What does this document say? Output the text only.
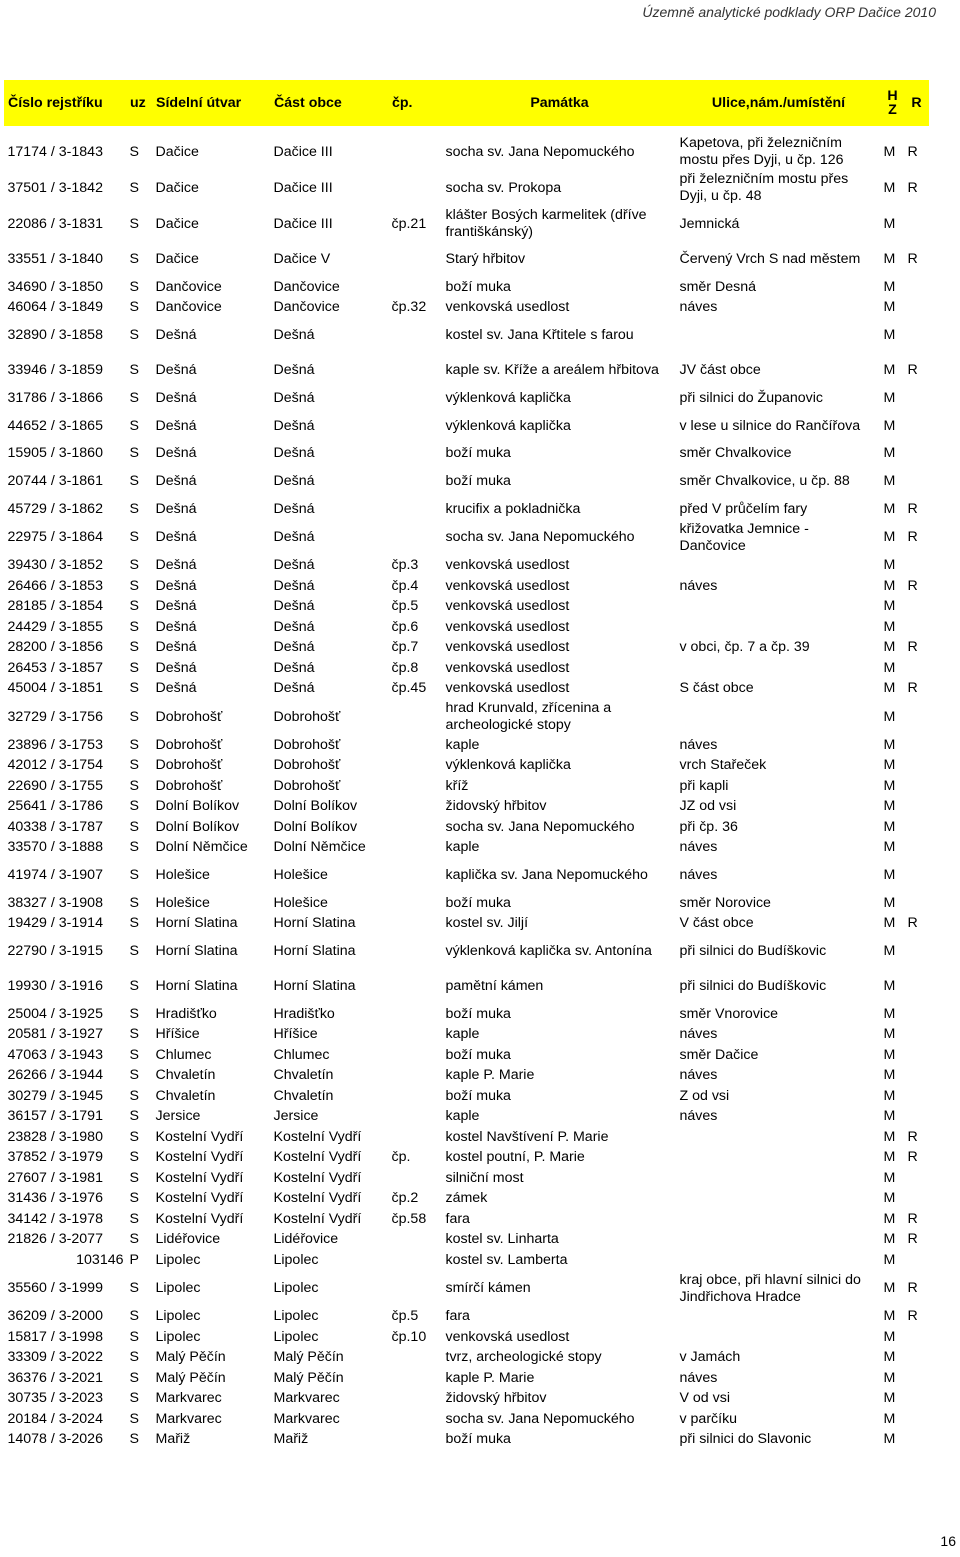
Územně analytické podklady ORP Dačice 2010
Číslo rejstříku	uz	Sídelní útvar	Část obce	čp.	Památka	Ulice,nám./umístění	H Z	R

17174 / 3-1843	S	Dačice	Dačice III		socha sv. Jana Nepomuckého	Kapetova, při železničním mostu přes Dyji, u čp. 126	M	R
37501 / 3-1842	S	Dačice	Dačice III		socha sv. Prokopa	při železničním mostu přes Dyji, u čp. 48	M	R
22086 / 3-1831	S	Dačice	Dačice III	čp.21	klášter Bosých karmelitek (dříve františkánský)	Jemnická	M	
33551 / 3-1840	S	Dačice	Dačice V		Starý hřbitov	Červený Vrch S nad městem	M	R
34690 / 3-1850	S	Dančovice	Dančovice		boží muka	směr Desná	M	
46064 / 3-1849	S	Dančovice	Dančovice	čp.32	venkovská usedlost	náves	M	
32890 / 3-1858	S	Dešná	Dešná		kostel sv. Jana Křtitele s farou		M	
33946 / 3-1859	S	Dešná	Dešná		kaple sv. Kříže a areálem hřbitova	JV část obce	M	R
31786 / 3-1866	S	Dešná	Dešná		výklenková kaplička	při silnici do Županovic	M	
44652 / 3-1865	S	Dešná	Dešná		výklenková kaplička	v lese u silnice do Rančířova	M	
15905 / 3-1860	S	Dešná	Dešná		boží muka	směr Chvalkovice	M	
20744 / 3-1861	S	Dešná	Dešná		boží muka	směr Chvalkovice, u čp. 88	M	
45729 / 3-1862	S	Dešná	Dešná		krucifix a pokladnička	před V průčelím fary	M	R
22975 / 3-1864	S	Dešná	Dešná		socha sv. Jana Nepomuckého	křižovatka Jemnice - Dančovice	M	R
39430 / 3-1852	S	Dešná	Dešná	čp.3	venkovská usedlost		M	
26466 / 3-1853	S	Dešná	Dešná	čp.4	venkovská usedlost	náves	M	R
28185 / 3-1854	S	Dešná	Dešná	čp.5	venkovská usedlost		M	
24429 / 3-1855	S	Dešná	Dešná	čp.6	venkovská usedlost		M	
28200 / 3-1856	S	Dešná	Dešná	čp.7	venkovská usedlost	v obci, čp. 7 a čp. 39	M	R
26453 / 3-1857	S	Dešná	Dešná	čp.8	venkovská usedlost		M	
45004 / 3-1851	S	Dešná	Dešná	čp.45	venkovská usedlost	S část obce	M	R
32729 / 3-1756	S	Dobrohošť	Dobrohošť		hrad Krunvald, zřícenina a archeologické stopy		M	
23896 / 3-1753	S	Dobrohošť	Dobrohošť		kaple	náves	M	
42012 / 3-1754	S	Dobrohošť	Dobrohošť		výklenková kaplička	vrch Stařeček	M	
22690 / 3-1755	S	Dobrohošť	Dobrohošť		kříž	při kapli	M	
25641 / 3-1786	S	Dolní Bolíkov	Dolní Bolíkov		židovský hřbitov	JZ od vsi	M	
40338 / 3-1787	S	Dolní Bolíkov	Dolní Bolíkov		socha sv. Jana Nepomuckého	při čp. 36	M	
33570 / 3-1888	S	Dolní Němčice	Dolní Němčice		kaple	náves	M	
41974 / 3-1907	S	Holešice	Holešice		kaplička sv. Jana Nepomuckého	náves	M	
38327 / 3-1908	S	Holešice	Holešice		boží muka	směr Norovice	M	
19429 / 3-1914	S	Horní Slatina	Horní Slatina		kostel sv. Jiljí	V část obce	M	R
22790 / 3-1915	S	Horní Slatina	Horní Slatina		výklenková kaplička sv. Antonína	při silnici do Budíškovic	M	
19930 / 3-1916	S	Horní Slatina	Horní Slatina		pamětní kámen	při silnici do Budíškovic	M	
25004 / 3-1925	S	Hradišťko	Hradišťko		boží muka	směr Vnorovice	M	
20581 / 3-1927	S	Hříšice	Hříšice		kaple	náves	M	
47063 / 3-1943	S	Chlumec	Chlumec		boží muka	směr Dačice	M	
26266 / 3-1944	S	Chvaletín	Chvaletín		kaple P. Marie	náves	M	
30279 / 3-1945	S	Chvaletín	Chvaletín		boží muka	Z od vsi	M	
36157 / 3-1791	S	Jersice	Jersice		kaple	náves	M	
23828 / 3-1980	S	Kostelní Vydří	Kostelní Vydří		kostel Navštívení P. Marie		M	R
37852 / 3-1979	S	Kostelní Vydří	Kostelní Vydří	čp.	kostel poutní, P. Marie		M	R
27607 / 3-1981	S	Kostelní Vydří	Kostelní Vydří		silniční most		M	
31436 / 3-1976	S	Kostelní Vydří	Kostelní Vydří	čp.2	zámek		M	
34142 / 3-1978	S	Kostelní Vydří	Kostelní Vydří	čp.58	fara		M	R
21826 / 3-2077	S	Lidéřovice	Lidéřovice		kostel sv. Linharta		M	R
103146	P	Lipolec	Lipolec		kostel sv. Lamberta		M	
35560 / 3-1999	S	Lipolec	Lipolec		smírčí kámen	kraj obce, při hlavní silnici do Jindřichova Hradce	M	R
36209 / 3-2000	S	Lipolec	Lipolec	čp.5	fara		M	R
15817 / 3-1998	S	Lipolec	Lipolec	čp.10	venkovská usedlost		M	
33309 / 3-2022	S	Malý Pěčín	Malý Pěčín		tvrz, archeologické stopy	v Jamách	M	
36376 / 3-2021	S	Malý Pěčín	Malý Pěčín		kaple P. Marie	náves	M	
30735 / 3-2023	S	Markvarec	Markvarec		židovský hřbitov	V od vsi	M	
20184 / 3-2024	S	Markvarec	Markvarec		socha sv. Jana Nepomuckého	v parčíku	M	
14078 / 3-2026	S	Mařiž	Mařiž		boží muka	při silnici do Slavonic	M	
16
